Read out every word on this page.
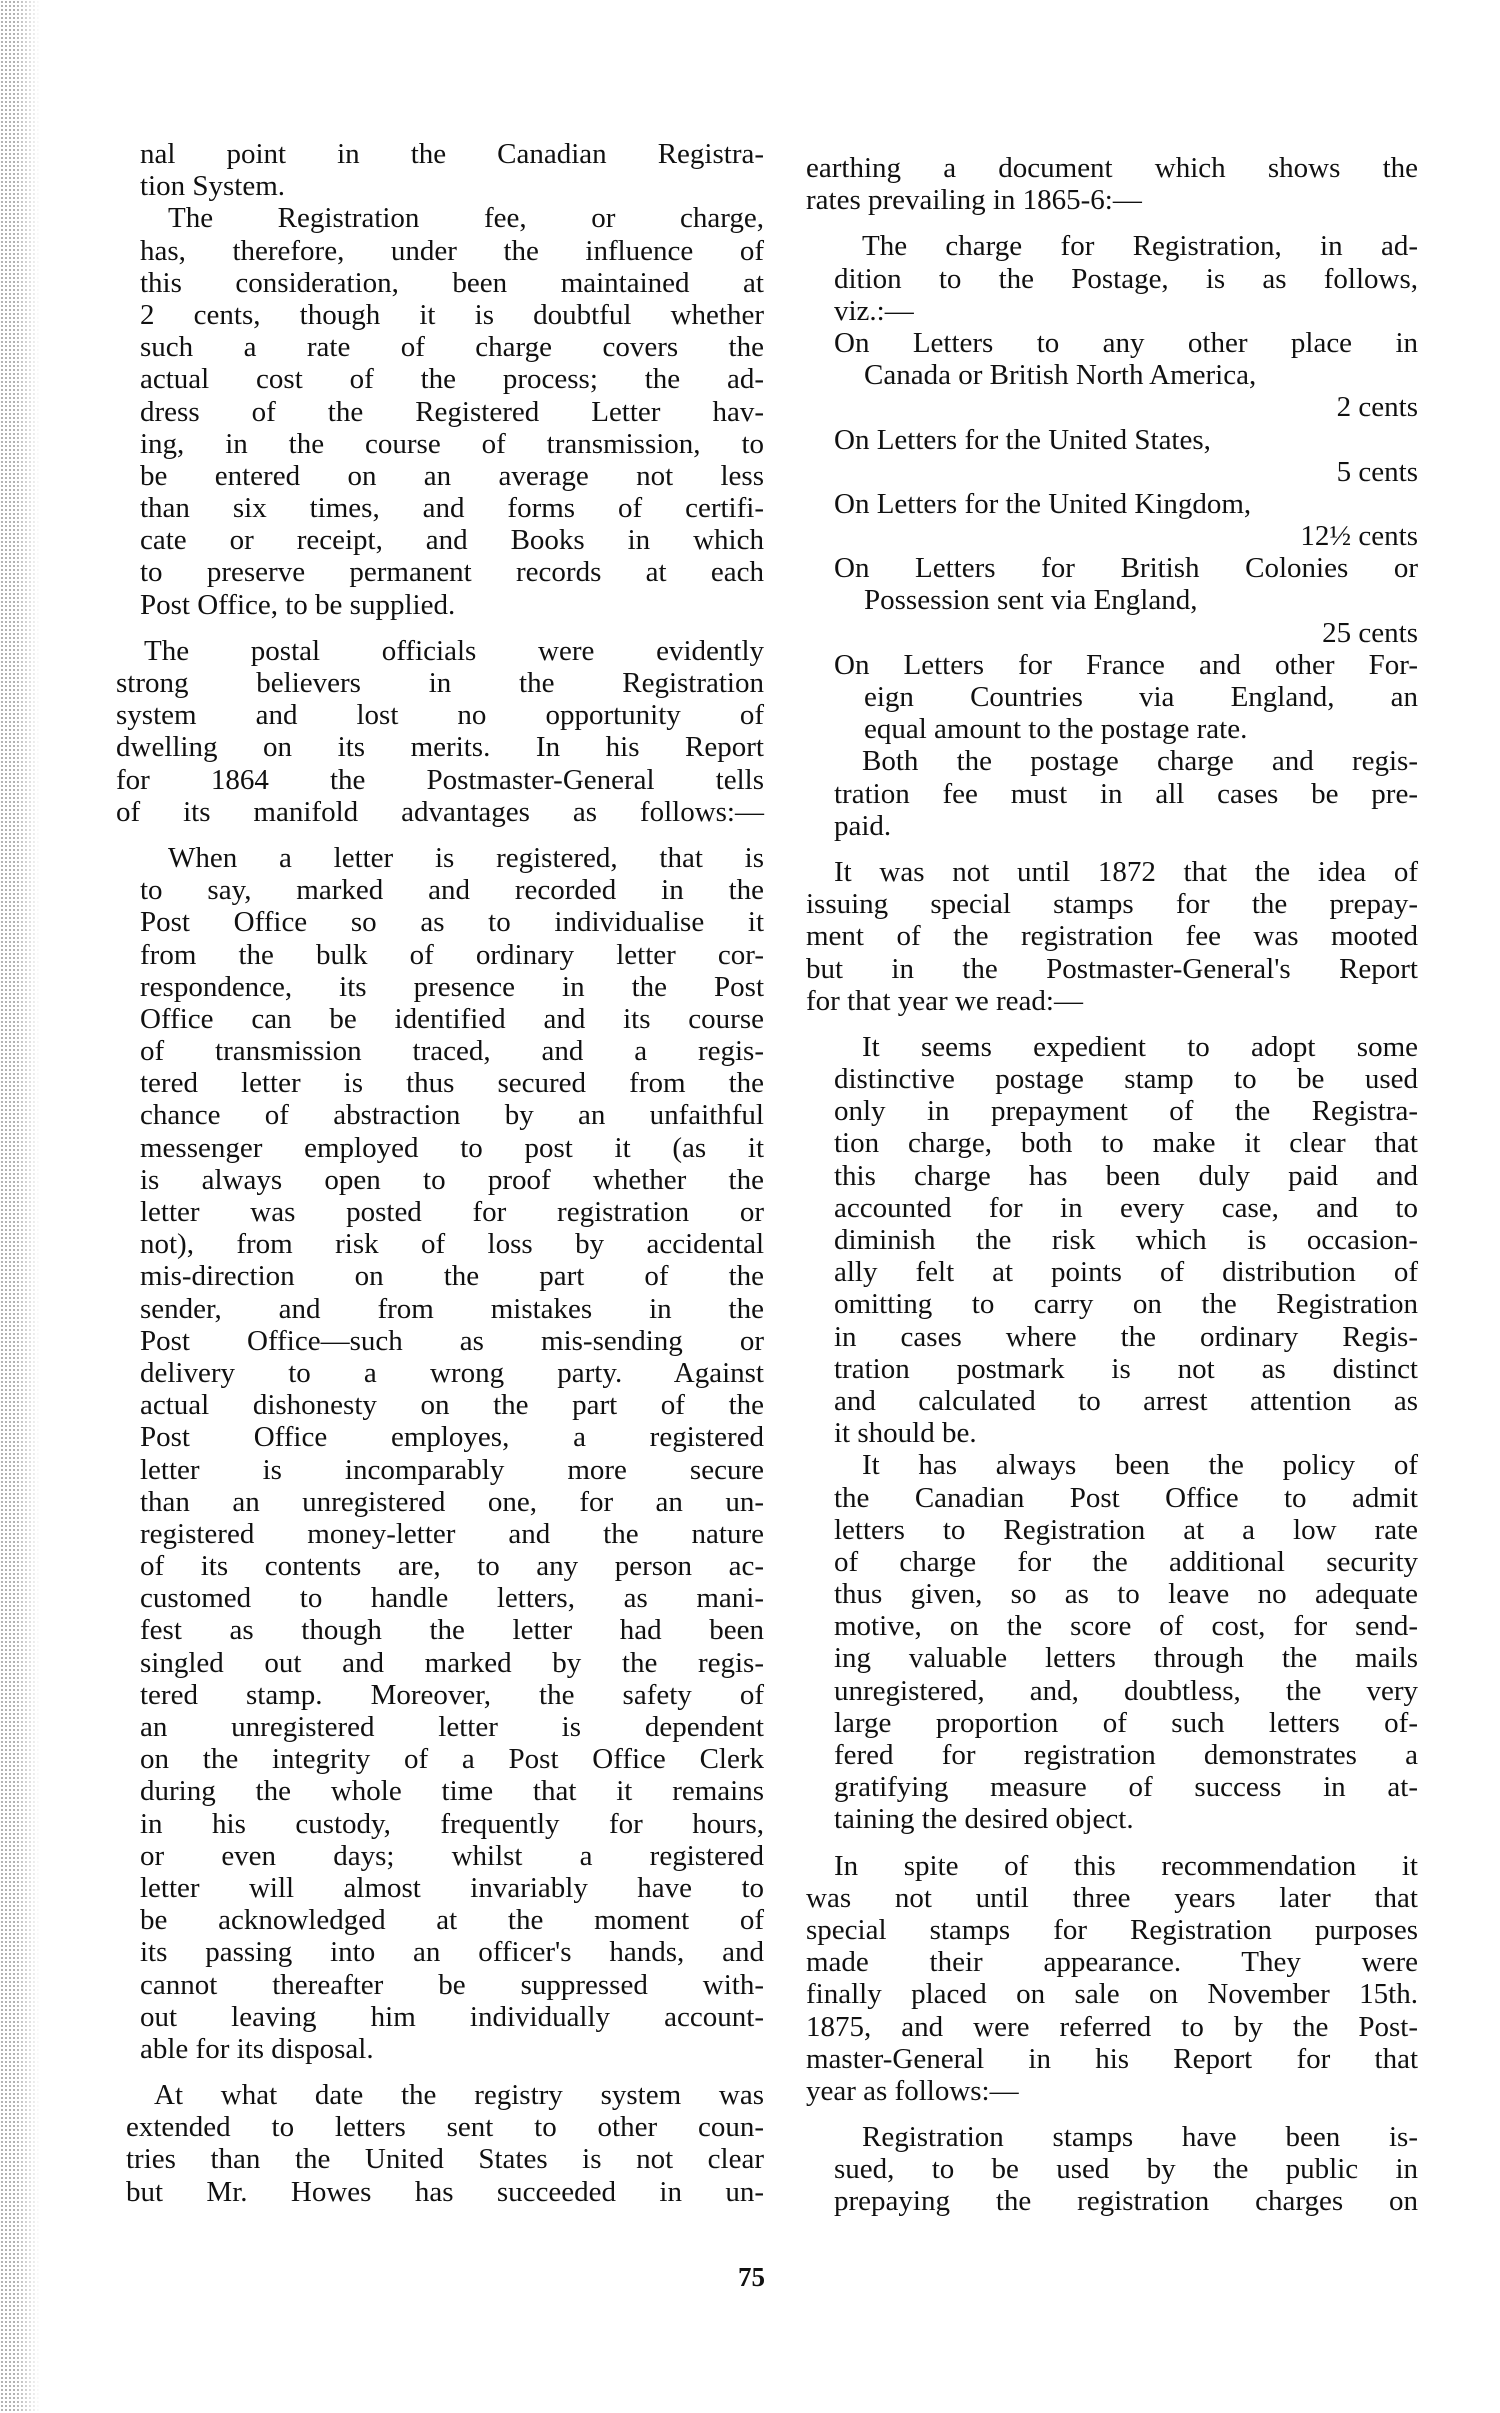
nal point in the Canadian Registra-
tion System.
The Registration fee, or charge,
has, therefore, under the influence of
this consideration, been maintained at
2 cents, though it is doubtful whether
such a rate of charge covers the
actual cost of the process; the ad-
dress of the Registered Letter hav-
ing, in the course of transmission, to
be entered on an average not less
than six times, and forms of certifi-
cate or receipt, and Books in which
to preserve permanent records at each
Post Office, to be supplied.
The postal officials were evidently
strong believers in the Registration
system and lost no opportunity of
dwelling on its merits. In his Report
for 1864 the Postmaster-General tells
of its manifold advantages as follows:—
When a letter is registered, that is
to say, marked and recorded in the
Post Office so as to individualise it
from the bulk of ordinary letter cor-
respondence, its presence in the Post
Office can be identified and its course
of transmission traced, and a regis-
tered letter is thus secured from the
chance of abstraction by an unfaithful
messenger employed to post it (as it
is always open to proof whether the
letter was posted for registration or
not), from risk of loss by accidental
mis-direction on the part of the
sender, and from mistakes in the
Post Office—such as mis-sending or
delivery to a wrong party. Against
actual dishonesty on the part of the
Post Office employes, a registered
letter is incomparably more secure
than an unregistered one, for an un-
registered money-letter and the nature
of its contents are, to any person ac-
customed to handle letters, as mani-
fest as though the letter had been
singled out and marked by the regis-
tered stamp. Moreover, the safety of
an unregistered letter is dependent
on the integrity of a Post Office Clerk
during the whole time that it remains
in his custody, frequently for hours,
or even days; whilst a registered
letter will almost invariably have to
be acknowledged at the moment of
its passing into an officer's hands, and
cannot thereafter be suppressed with-
out leaving him individually account-
able for its disposal.
At what date the registry system was
extended to letters sent to other coun-
tries than the United States is not clear
but Mr. Howes has succeeded in un-
earthing a document which shows the
rates prevailing in 1865-6:—
The charge for Registration, in ad-
dition to the Postage, is as follows,
viz.:—
On Letters to any other place in
Canada or British North America,
2 cents
On Letters for the United States,
5 cents
On Letters for the United Kingdom,
12½ cents
On Letters for British Colonies or
Possession sent via England,
25 cents
On Letters for France and other For-
eign Countries via England, an
equal amount to the postage rate.
Both the postage charge and regis-
tration fee must in all cases be pre-
paid.
It was not until 1872 that the idea of
issuing special stamps for the prepay-
ment of the registration fee was mooted
but in the Postmaster-General's Report
for that year we read:—
It seems expedient to adopt some
distinctive postage stamp to be used
only in prepayment of the Registra-
tion charge, both to make it clear that
this charge has been duly paid and
accounted for in every case, and to
diminish the risk which is occasion-
ally felt at points of distribution of
omitting to carry on the Registration
in cases where the ordinary Regis-
tration postmark is not as distinct
and calculated to arrest attention as
it should be.
It has always been the policy of
the Canadian Post Office to admit
letters to Registration at a low rate
of charge for the additional security
thus given, so as to leave no adequate
motive, on the score of cost, for send-
ing valuable letters through the mails
unregistered, and, doubtless, the very
large proportion of such letters of-
fered for registration demonstrates a
gratifying measure of success in at-
taining the desired object.
In spite of this recommendation it
was not until three years later that
special stamps for Registration purposes
made their appearance. They were
finally placed on sale on November 15th.
1875, and were referred to by the Post-
master-General in his Report for that
year as follows:—
Registration stamps have been is-
sued, to be used by the public in
prepaying the registration charges on
75
